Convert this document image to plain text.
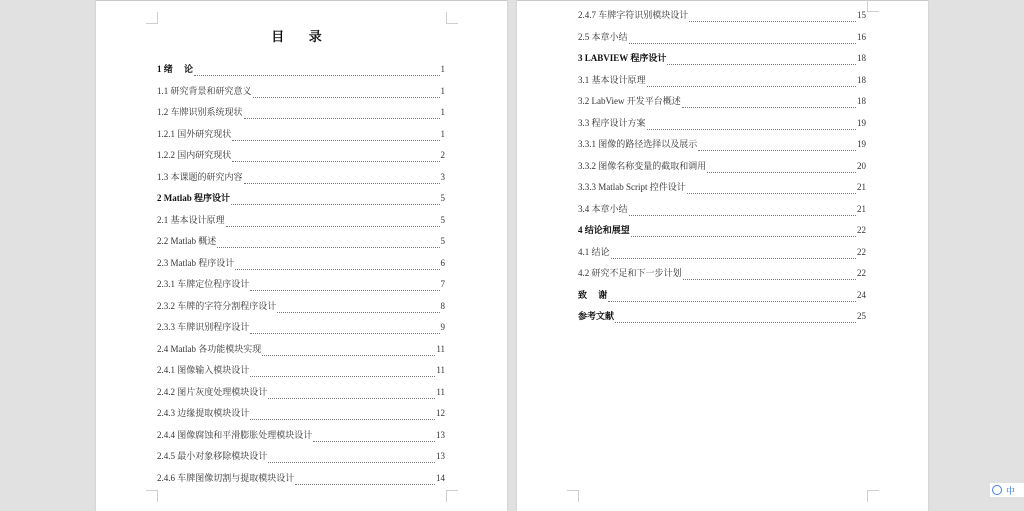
目 录
1 绪　 论	1
1.1 研究背景和研究意义	1
1.2 车牌识别系统现状	1
1.2.1 国外研究现状	1
1.2.2 国内研究现状	2
1.3 本课题的研究内容	3
2 Matlab 程序设计	5
2.1 基本设计原理	5
2.2 Matlab 概述	5
2.3 Matlab 程序设计	6
2.3.1 车牌定位程序设计	7
2.3.2 车牌的字符分割程序设计	8
2.3.3 车牌识别程序设计	9
2.4 Matlab 各功能模块实现	11
2.4.1 图像输入模块设计	11
2.4.2 图片灰度处理模块设计	11
2.4.3 边缘提取模块设计	12
2.4.4 图像腐蚀和平滑膨胀处理模块设计	13
2.4.5 最小对象移除模块设计	13
2.4.6 车牌图像切割与提取模块设计	14
2.4.7 车牌字符识别模块设计	15
2.5 本章小结	16
3 LABVIEW 程序设计	18
3.1 基本设计原理	18
3.2 LabView 开发平台概述	18
3.3 程序设计方案	19
3.3.1 图像的路径选择以及展示	19
3.3.2 图像名称变量的截取和调用	20
3.3.3 Matlab Script 控件设计	21
3.4 本章小结	21
4 结论和展望	22
4.1 结论	22
4.2 研究不足和下一步计划	22
致　 谢	24
参考文献	25
中
